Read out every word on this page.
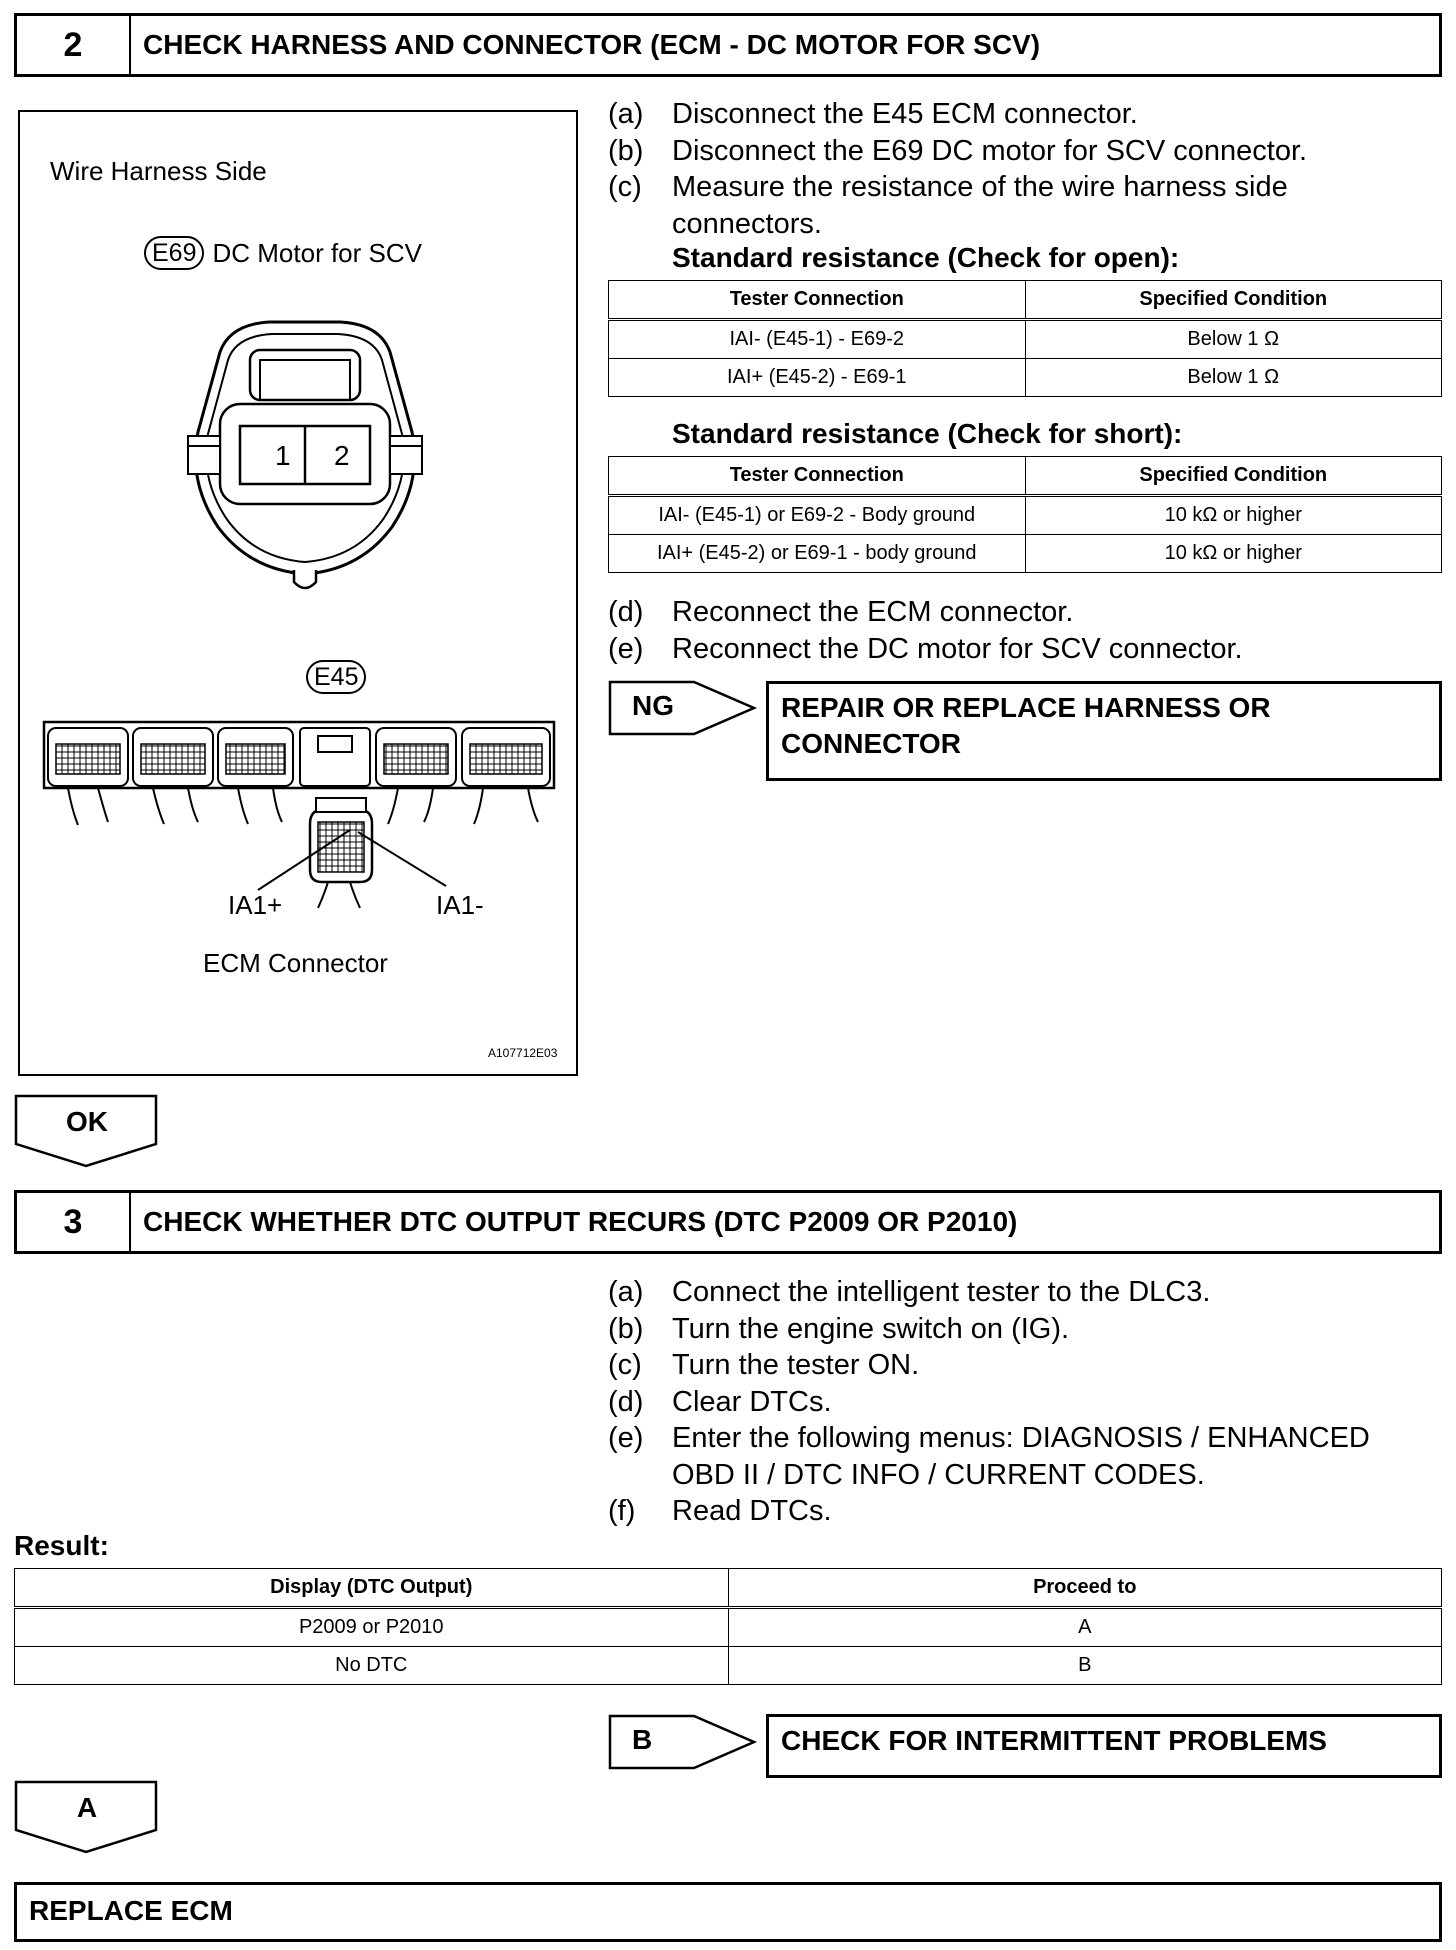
2	CHECK HARNESS AND CONNECTOR (ECM - DC MOTOR FOR SCV)
Wire Harness Side
E69 DC Motor for SCV
1 2
E45
IA1+	IA1-
ECM Connector
A107712E03
(a) Disconnect the E45 ECM connector.
(b) Disconnect the E69 DC motor for SCV connector.
(c)	Measure the resistance of the wire harness side connectors.
Standard resistance (Check for open):
Tester Connection	Specified Condition
IAI- (E45-1) - E69-2	Below 1 Ω
IAI+ (E45-2) - E69-1	Below 1 Ω
Standard resistance (Check for short):
Tester Connection	Specified Condition
IAI- (E45-1) or E69-2 - Body ground	10 kΩ or higher
IAI+ (E45-2) or E69-1 - body ground	10 kΩ or higher
(d) Reconnect the ECM connector.
(e) Reconnect the DC motor for SCV connector.
NG	REPAIR OR REPLACE HARNESS OR CONNECTOR
OK
3	CHECK WHETHER DTC OUTPUT RECURS (DTC P2009 OR P2010)
(a) Connect the intelligent tester to the DLC3.
(b) Turn the engine switch on (IG).
(c)	Turn the tester ON.
(d) Clear DTCs.
(e) Enter the following menus: DIAGNOSIS / ENHANCED OBD II / DTC INFO / CURRENT CODES.
(f)	Read DTCs.
Result:
Display (DTC Output)	Proceed to
P2009 or P2010	A
No DTC	B
B	CHECK FOR INTERMITTENT PROBLEMS
A
REPLACE ECM
